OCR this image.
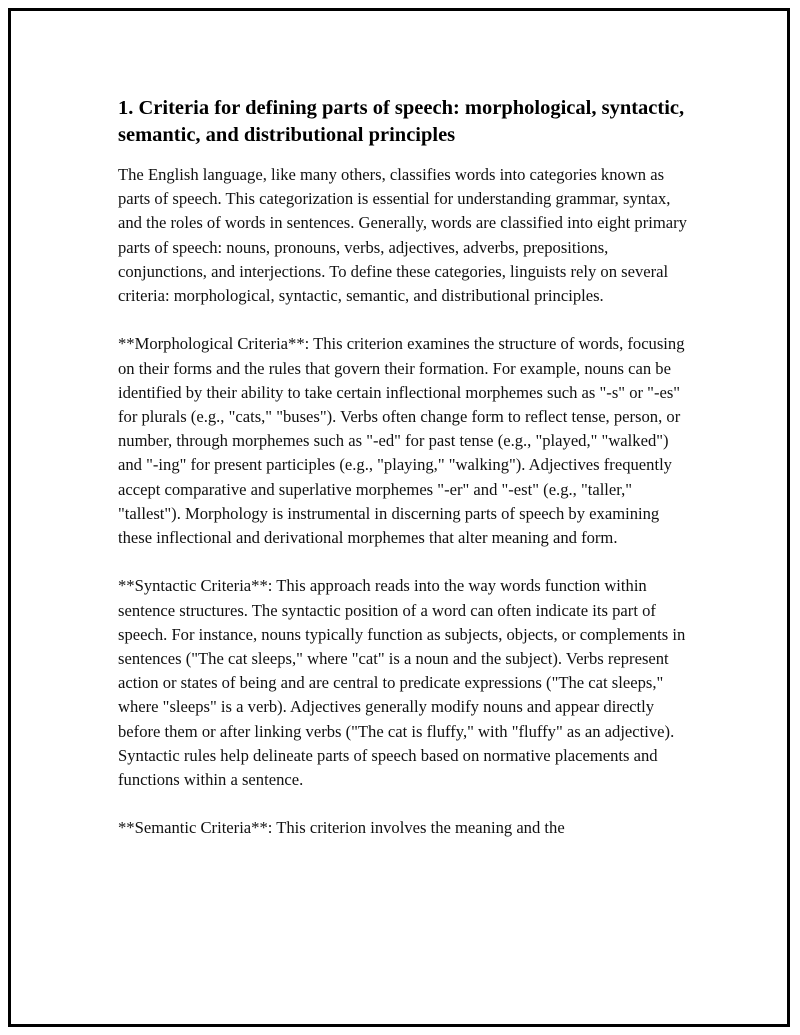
1. Criteria for defining parts of speech: morphological, syntactic, semantic, and distributional principles

The English language, like many others, classifies words into categories known as parts of speech. This categorization is essential for understanding grammar, syntax, and the roles of words in sentences. Generally, words are classified into eight primary parts of speech: nouns, pronouns, verbs, adjectives, adverbs, prepositions, conjunctions, and interjections. To define these categories, linguists rely on several criteria: morphological, syntactic, semantic, and distributional principles.

**Morphological Criteria**: This criterion examines the structure of words, focusing on their forms and the rules that govern their formation. For example, nouns can be identified by their ability to take certain inflectional morphemes such as "-s" or "-es" for plurals (e.g., "cats," "buses"). Verbs often change form to reflect tense, person, or number, through morphemes such as "-ed" for past tense (e.g., "played," "walked") and "-ing" for present participles (e.g., "playing," "walking"). Adjectives frequently accept comparative and superlative morphemes "-er" and "-est" (e.g., "taller," "tallest"). Morphology is instrumental in discerning parts of speech by examining these inflectional and derivational morphemes that alter meaning and form.

**Syntactic Criteria**: This approach reads into the way words function within sentence structures. The syntactic position of a word can often indicate its part of speech. For instance, nouns typically function as subjects, objects, or complements in sentences ("The cat sleeps," where "cat" is a noun and the subject). Verbs represent action or states of being and are central to predicate expressions ("The cat sleeps," where "sleeps" is a verb). Adjectives generally modify nouns and appear directly before them or after linking verbs ("The cat is fluffy," with "fluffy" as an adjective). Syntactic rules help delineate parts of speech based on normative placements and functions within a sentence.

**Semantic Criteria**: This criterion involves the meaning and the
